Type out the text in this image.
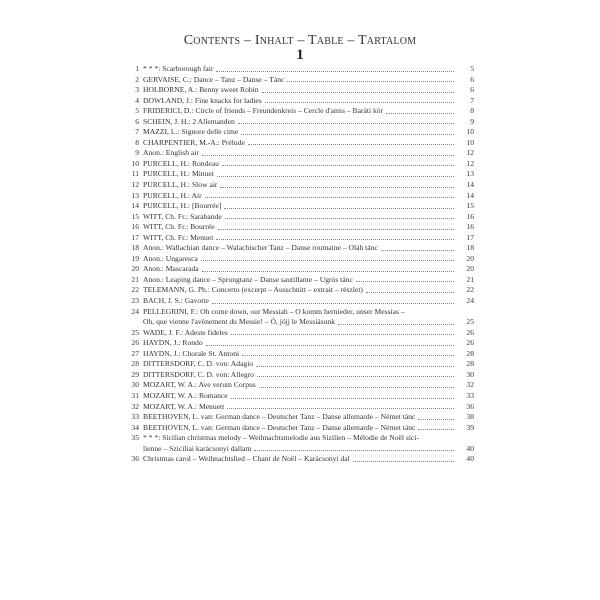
Contents – Inhalt – Table – Tartalom
1
1 * * *: Scarborough fair	5
2 GERVAISE, C.: Dance – Tanz – Danse – Tánc	6
3 HOLBORNE, A.: Benny sweet Robin	6
4 DOWLAND, J.: Fine knacks for ladies	7
5 FRIDERICI, D.: Circle of friends – Freundenkreis – Cercle d'amis – Baráti kör	8
6 SCHEIN, J. H.: 2 Allemanden	9
7 MAZZI, L.: Signore delle cime	10
8 CHARPENTIER, M.-A.: Prélude	10
9 Anon.: English air	12
10 PURCELL, H.: Rondeau	12
11 PURCELL, H.: Minuet	13
12 PURCELL, H.: Slow air	14
13 PURCELL, H.: Air	14
14 PURCELL, H.: [Bourrée]	15
15 WITT, Ch. Fr.: Sarabande	16
16 WITT, Ch. Fr.: Bourrée	16
17 WITT, Ch. Fr.: Menuet	17
18 Anon.: Wallachian dance – Walachischer Tanz – Danse roumaine – Oláh tánc	18
19 Anon.: Ungaresca	20
20 Anon.: Mascarada	20
21 Anon.: Leaping dance – Sprungtanz – Danse sautillante – Ugrós tánc	21
22 TELEMANN, G. Ph.: Concerto (excerpt – Ausschnitt – extrait – részlet)	22
23 BACH, J. S.: Gavotte	24
24 PELLEGRINI, F.: Oh come down, our Messiah – O komm hernieder, unser Messias –
Oh, que vienne l'avènement du Messie! – Ó, jöjj le Messiásunk	25
25 WADE, J. F.: Adeste fideles	26
26 HAYDN, J.: Rondo	26
27 HAYDN, J.: Chorale St. Antoni	28
28 DITTERSDORF, C. D. von: Adagio	28
29 DITTERSDORF, C. D. von: Allegro	30
30 MOZART, W. A.: Ave verum Corpus	32
31 MOZART, W. A.: Romance	33
32 MOZART, W. A.: Menuett	36
33 BEETHOVEN, L. van: German dance – Deutscher Tanz – Danse allemarde – Német tánc	38
34 BEETHOVEN, L. van: German dance – Deutscher Tanz – Danse allemarde – Német tánc	39
35 * * *: Sicilian christmas melody – Weihnachtsmelodie aus Sizilien – Mélodie de Noël sici-
lienne – Szicíliai karácsonyi dallam	40
36 Christmas carol – Weihnachtslied – Chant de Noël – Karácsonyi dal	40
